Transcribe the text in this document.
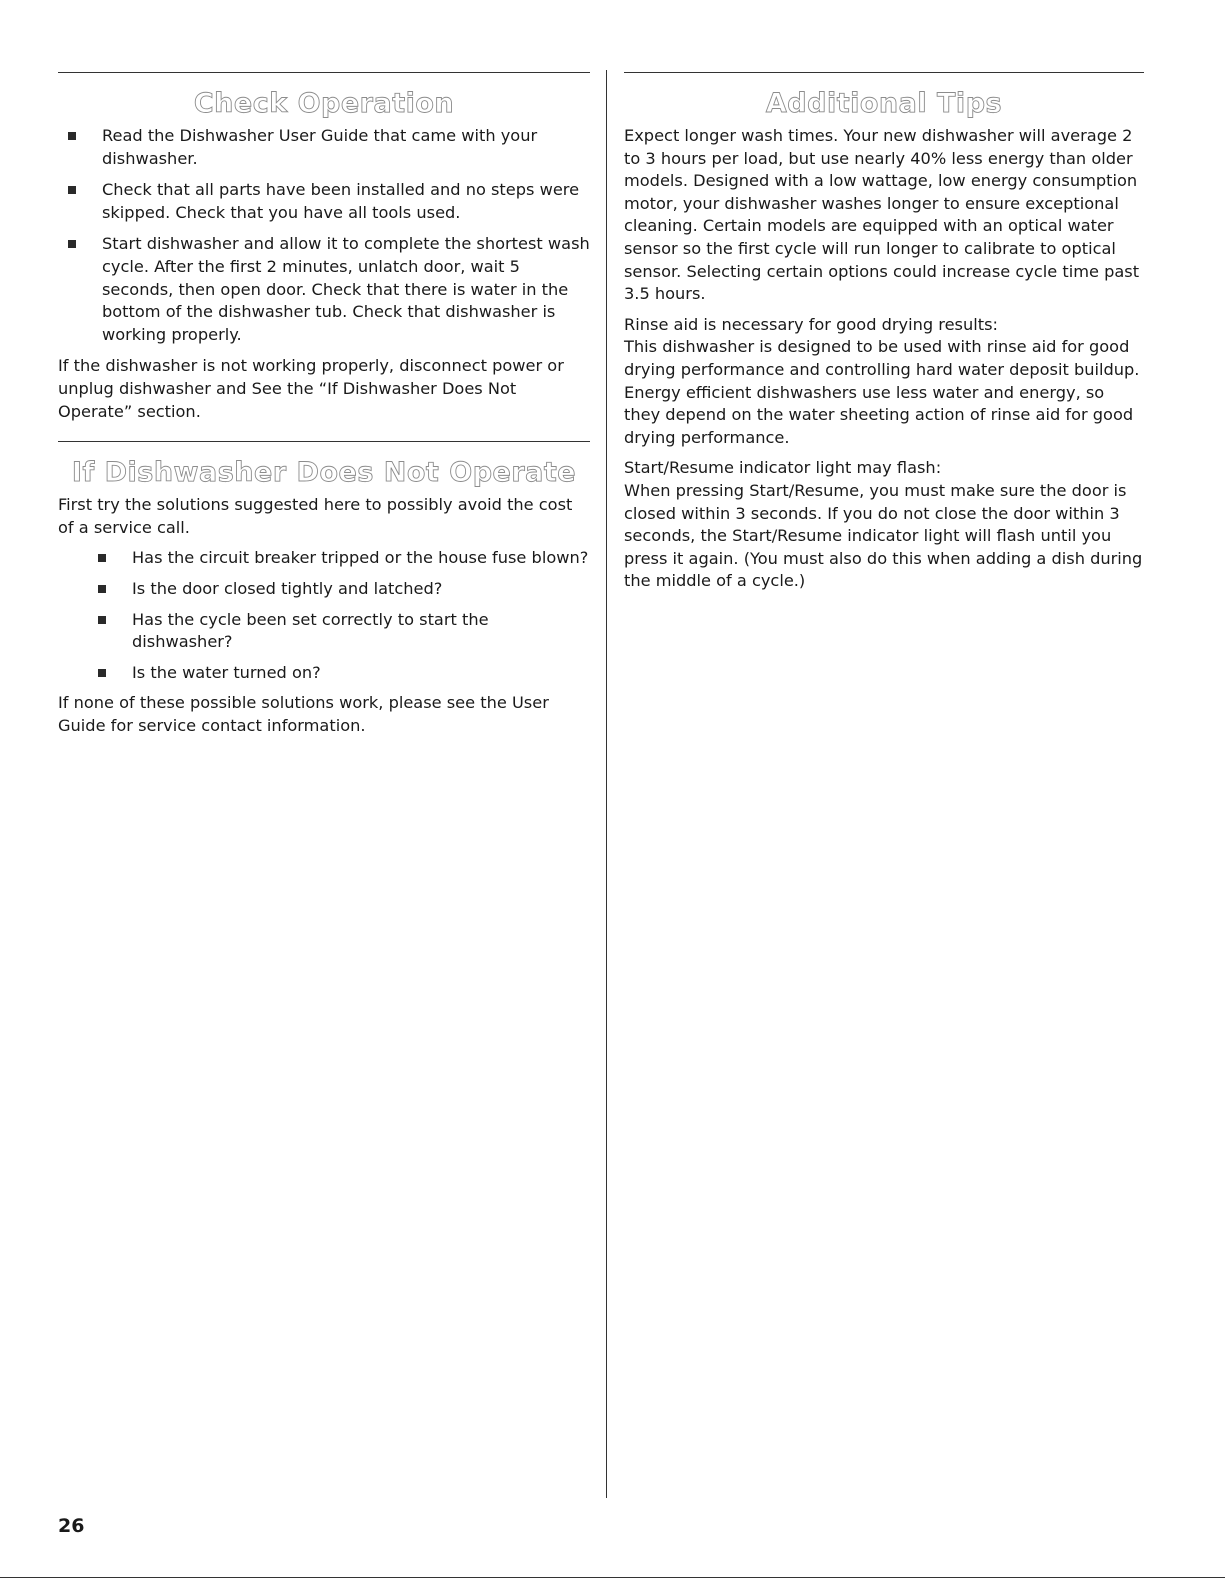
Check Operation
Read the Dishwasher User Guide that came with your dishwasher.
Check that all parts have been installed and no steps were skipped. Check that you have all tools used.
Start dishwasher and allow it to complete the shortest wash cycle. After the first 2 minutes, unlatch door, wait 5 seconds, then open door. Check that there is water in the bottom of the dishwasher tub. Check that dishwasher is working properly.

If the dishwasher is not working properly, disconnect power or unplug dishwasher and See the “If Dishwasher Does Not Operate” section.

If Dishwasher Does Not Operate

First try the solutions suggested here to possibly avoid the cost of a service call.

Has the circuit breaker tripped or the house fuse blown?
Is the door closed tightly and latched?
Has the cycle been set correctly to start the dishwasher?
Is the water turned on?

If none of these possible solutions work, please see the User Guide for service contact information.

Additional Tips

Expect longer wash times. Your new dishwasher will average 2 to 3 hours per load, but use nearly 40% less energy than older models. Designed with a low wattage, low energy consumption motor, your dishwasher washes longer to ensure exceptional cleaning. Certain models are equipped with an optical water sensor so the first cycle will run longer to calibrate to optical sensor. Selecting certain options could increase cycle time past 3.5 hours.

Rinse aid is necessary for good drying results:
This dishwasher is designed to be used with rinse aid for good drying performance and controlling hard water deposit buildup. Energy efficient dishwashers use less water and energy, so they depend on the water sheeting action of rinse aid for good drying performance.

Start/Resume indicator light may flash:
When pressing Start/Resume, you must make sure the door is closed within 3 seconds. If you do not close the door within 3 seconds, the Start/Resume indicator light will flash until you press it again. (You must also do this when adding a dish during the middle of a cycle.)

26
